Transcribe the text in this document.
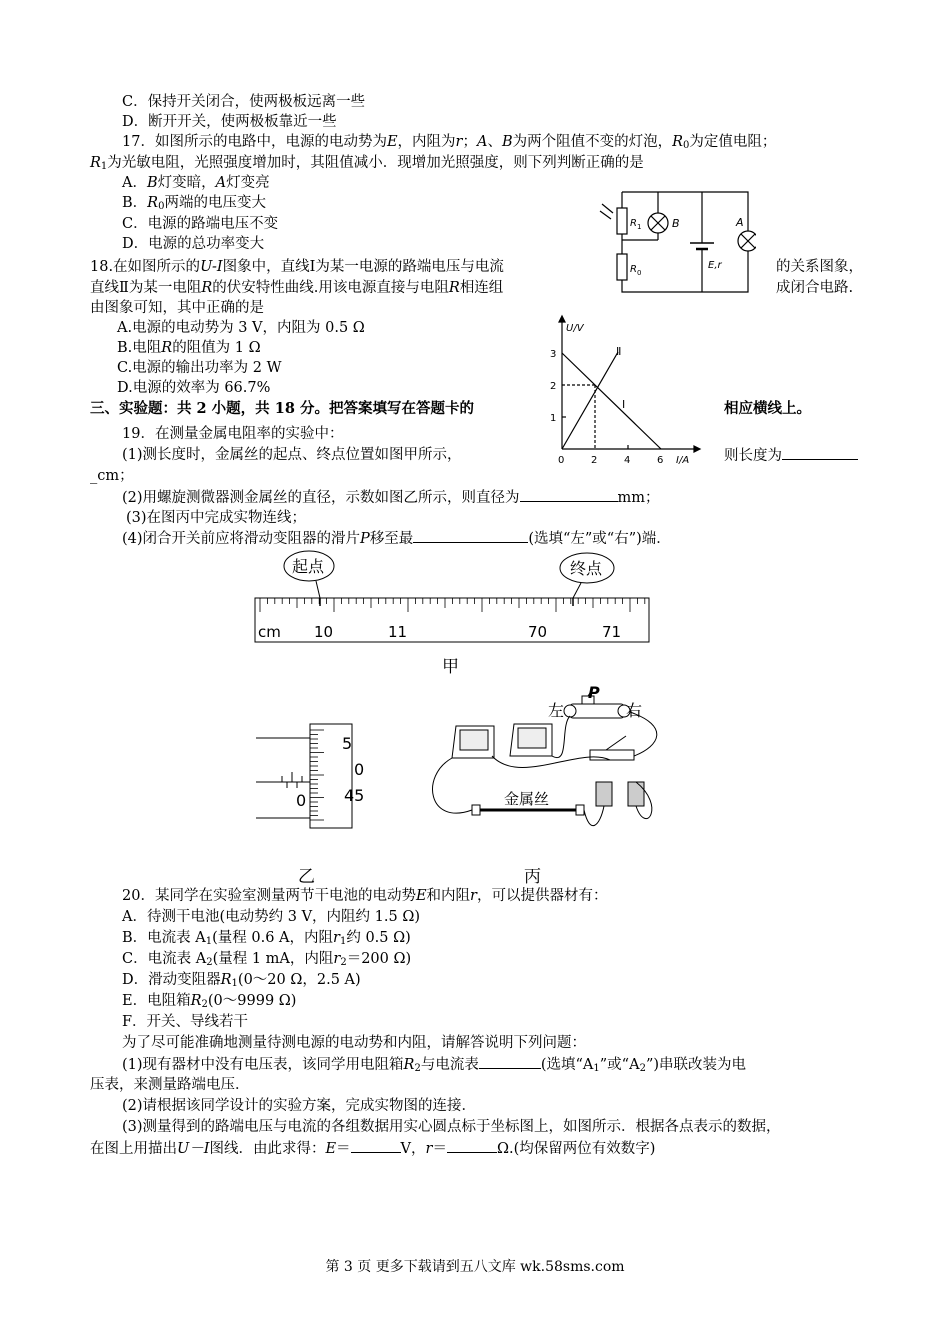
C．保持开关闭合，使两极板远离一些
D．断开开关，使两极板靠近一些
17．如图所示的电路中，电源的电动势为E，内阻为r；A、B为两个阻值不变的灯泡，$R_0$为定值电阻；
$R_1$为光敏电阻，光照强度增加时，其阻值减小．现增加光照强度，则下列判断正确的是
A．B灯变暗，A灯变亮
B．$R_0$两端的电压变大
C．电源的路端电压不变
D．电源的总功率变大
$R_1$
$R_0$
B	A
E,r
18.在如图所示的U-I图象中，直线Ⅰ为某一电源的路端电压与电流	的关系图象，
直线Ⅱ为某一电阻R的伏安特性曲线.用该电源直接与电阻R相连组	成闭合电路.
由图象可知，其中正确的是
A.电源的电动势为 3 V，内阻为 0.5 Ω
B.电阻R的阻值为 1 Ω
C.电源的输出功率为 2 W
D.电源的效率为 66.7%
U/V
I/A
3
2
1
0	2	4	6
Ⅰ
Ⅱ
三、实验题：共 2 小题，共 18 分。把答案填写在答题卡的	相应横线上。
19．在测量金属电阻率的实验中：
(1)测长度时，金属丝的起点、终点位置如图甲所示，	则长度为
_cm；
(2)用螺旋测微器测金属丝的直径，示数如图乙所示，则直径为	mm；
(3)在图丙中完成实物连线；
(4)闭合开关前应将滑动变阻器的滑片P移至最	(选填“左”或“右”)端．
起点	终点
cm 10	11	70	71
甲
5
0
45
0
乙
左
P
右
金属丝
丙
20．某同学在实验室测量两节干电池的电动势E和内阻r，可以提供器材有：
A．待测干电池(电动势约 3 V，内阻约 1.5 Ω)
B．电流表 $A_1$(量程 0.6 A，内阻$r_1$约 0.5 Ω)
C．电流表 $A_2$(量程 1 mA，内阻$r_2=200$ Ω)
D．滑动变阻器$R_1(0\sim 20$ Ω，2.5 A)
E．电阻箱$R_2(0\sim 9999$ Ω)
F．开关、导线若干
为了尽可能准确地测量待测电源的电动势和内阻，请解答说明下列问题：
(1)现有器材中没有电压表，该同学用电阻箱$R_2$与电流表	(选填“$A_1$”或“$A_2$”)串联改装为电
压表，来测量路端电压．
(2)请根据该同学设计的实验方案，完成实物图的连接．
(3)测量得到的路端电压与电流的各组数据用实心圆点标于坐标图上，如图所示．根据各点表示的数据，
在图上用描出U－I图线．由此求得：E＝	V，r＝	Ω.(均保留两位有效数字)
第 3 页 更多下载请到五八文库 wk.58sms.com
